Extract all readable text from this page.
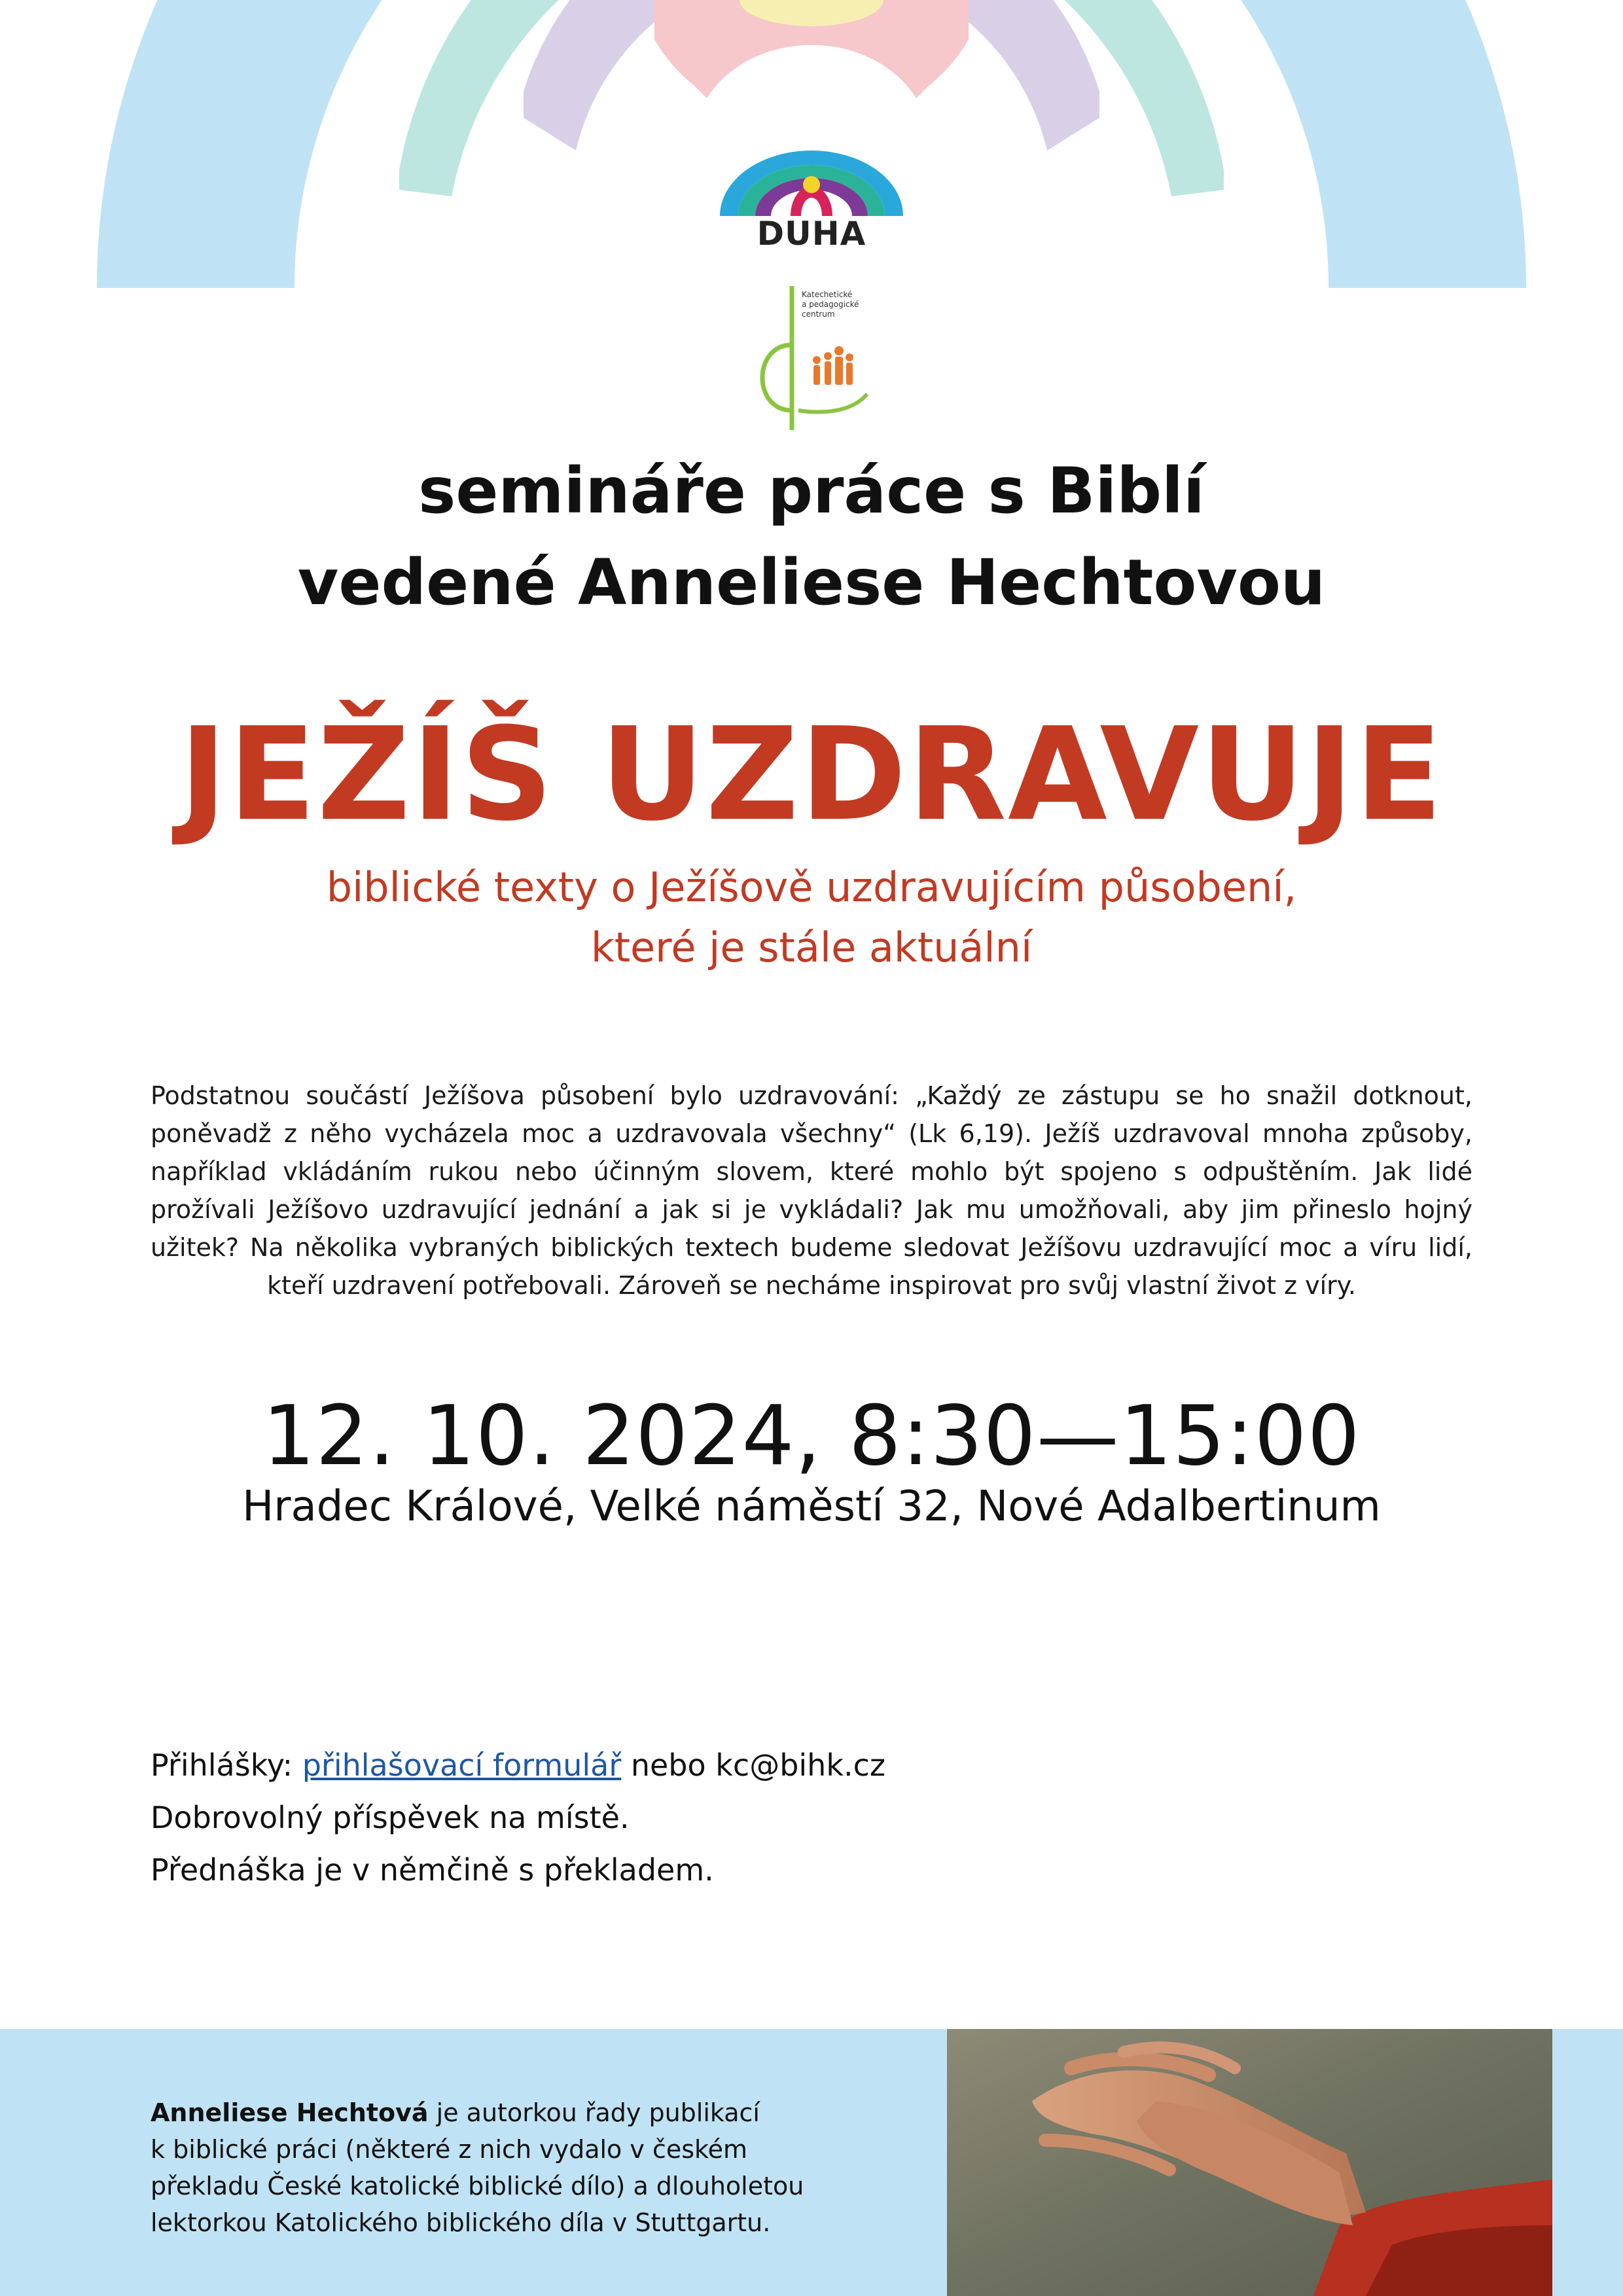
DUHA
Katechetické
a pedagogické
centrum
semináře práce s Biblí
vedené Anneliese Hechtovou
JEŽÍŠ UZDRAVUJE
biblické texty o Ježíšově uzdravujícím působení,
které je stále aktuální
Podstatnou součástí Ježíšova působení bylo uzdravování: „Každý ze zástupu se ho snažil dotknout, poněvadž z něho vycházela moc a uzdravovala všechny“ (Lk 6,19). Ježíš uzdravoval mnoha způsoby, například vkládáním rukou nebo účinným slovem, které mohlo být spojeno s odpuštěním. Jak lidé prožívali Ježíšovo uzdravující jednání a jak si je vykládali? Jak mu umožňovali, aby jim přineslo hojný užitek? Na několika vybraných biblických textech budeme sledovat Ježíšovu uzdravující moc a víru lidí, kteří uzdravení potřebovali. Zároveň se necháme inspirovat pro svůj vlastní život z víry.
12. 10. 2024, 8:30—15:00
Hradec Králové, Velké náměstí 32, Nové Adalbertinum
Přihlášky: přihlašovací formulář nebo kc@bihk.cz
Dobrovolný příspěvek na místě.
Přednáška je v němčině s překladem.
Anneliese Hechtová je autorkou řady publikací
k biblické práci (některé z nich vydalo v českém
překladu České katolické biblické dílo) a dlouholetou
lektorkou Katolického biblického díla v Stuttgartu.
